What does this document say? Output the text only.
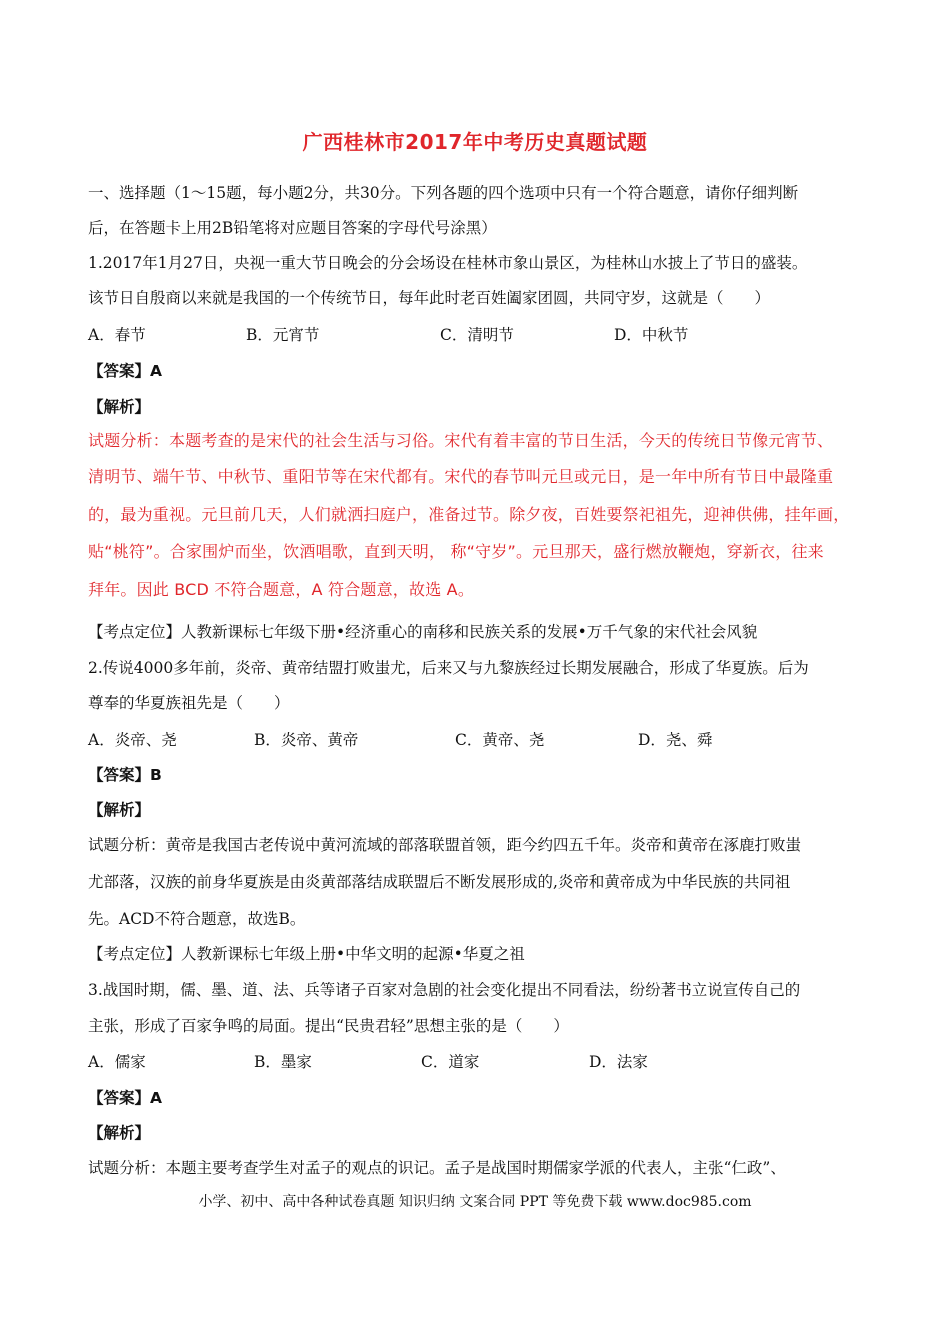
广西桂林市2017年中考历史真题试题
一、选择题（1～15题，每小题2分，共30分。下列各题的四个选项中只有一个符合题意，请你仔细判断
后，在答题卡上用2B铅笔将对应题目答案的字母代号涂黑）
1.2017年1月27日，央视一重大节日晚会的分会场设在桂林市象山景区，为桂林山水披上了节日的盛装。
该节日自殷商以来就是我国的一个传统节日，每年此时老百姓阖家团圆，共同守岁，这就是（　　）
A．春节	B．元宵节	C．清明节	D．中秋节
【答案】A
【解析】
试题分析：本题考查的是宋代的社会生活与习俗。宋代有着丰富的节日生活，今天的传统日节像元宵节、
清明节、端午节、中秋节、重阳节等在宋代都有。宋代的春节叫元旦或元日，是一年中所有节日中最隆重
的，最为重视。元旦前几天，人们就洒扫庭户，准备过节。除夕夜，百姓要祭祀祖先，迎神供佛，挂年画，
贴“桃符”。合家围炉而坐，饮酒唱歌，直到天明， 称“守岁”。元旦那天，盛行燃放鞭炮，穿新衣，往来
拜年。因此 BCD 不符合题意，A 符合题意，故选 A。
【考点定位】人教新课标七年级下册•经济重心的南移和民族关系的发展•万千气象的宋代社会风貌
2.传说4000多年前，炎帝、黄帝结盟打败蚩尤，后来又与九黎族经过长期发展融合，形成了华夏族。后为
尊奉的华夏族祖先是（　　）
A．炎帝、尧	B．炎帝、黄帝	C．黄帝、尧	D．尧、舜
【答案】B
【解析】
试题分析：黄帝是我国古老传说中黄河流域的部落联盟首领，距今约四五千年。炎帝和黄帝在涿鹿打败蚩
尤部落，汉族的前身华夏族是由炎黄部落结成联盟后不断发展形成的,炎帝和黄帝成为中华民族的共同祖
先。ACD不符合题意，故选B。
【考点定位】人教新课标七年级上册•中华文明的起源•华夏之祖
3.战国时期，儒、墨、道、法、兵等诸子百家对急剧的社会变化提出不同看法，纷纷著书立说宣传自己的
主张，形成了百家争鸣的局面。提出“民贵君轻”思想主张的是（　　）
A．儒家	B．墨家	C．道家	D．法家
【答案】A
【解析】
试题分析：本题主要考查学生对孟子的观点的识记。孟子是战国时期儒家学派的代表人，主张“仁政”、
小学、初中、高中各种试卷真题 知识归纳 文案合同 PPT 等免费下载 www.doc985.com
